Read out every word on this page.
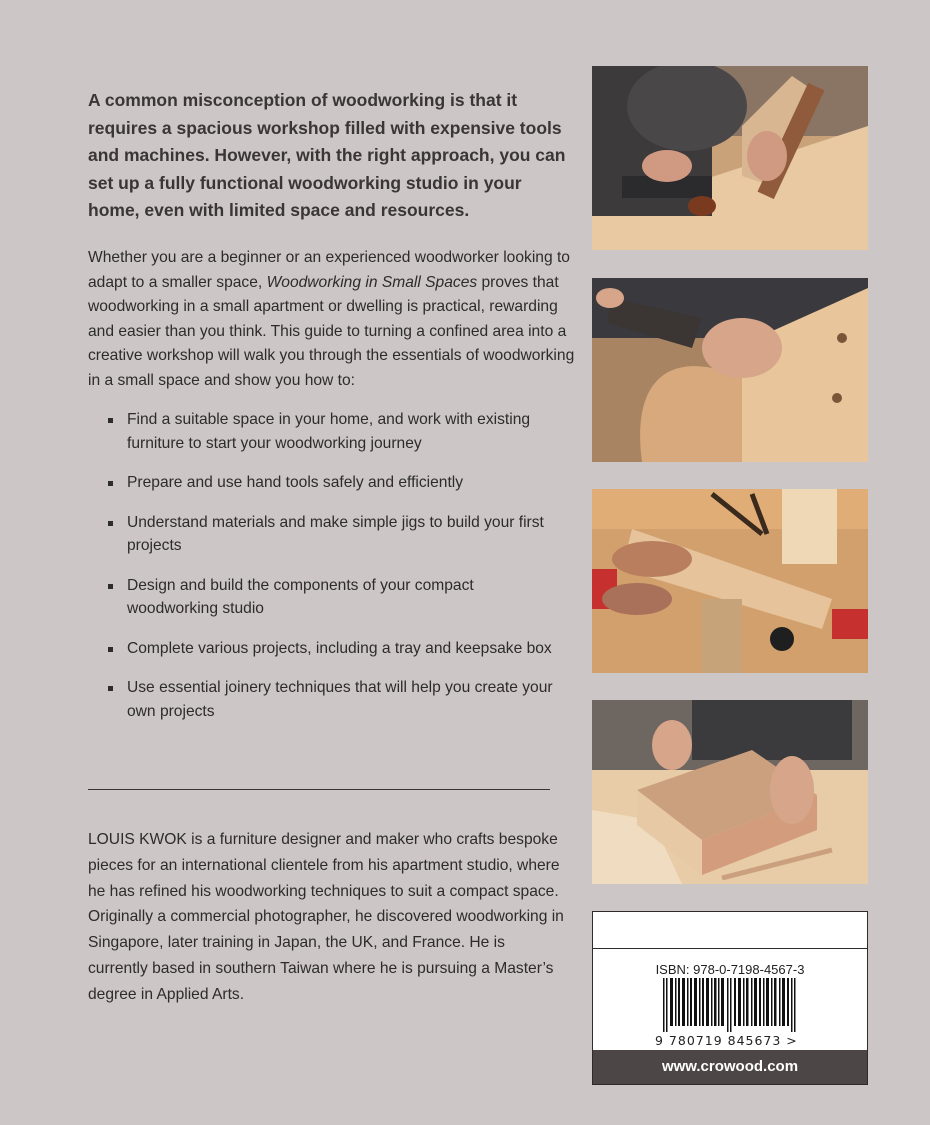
A common misconception of woodworking is that it requires a spacious workshop filled with expensive tools and machines. However, with the right approach, you can set up a fully functional woodworking studio in your home, even with limited space and resources.

Whether you are a beginner or an experienced woodworker looking to adapt to a smaller space, Woodworking in Small Spaces proves that woodworking in a small apartment or dwelling is practical, rewarding and easier than you think. This guide to turning a confined area into a creative workshop will walk you through the essentials of woodworking in a small space and show you how to:

Find a suitable space in your home, and work with existing furniture to start your woodworking journey
Prepare and use hand tools safely and efficiently
Understand materials and make simple jigs to build your first projects
Design and build the components of your compact woodworking studio
Complete various projects, including a tray and keepsake box
Use essential joinery techniques that will help you create your own projects

LOUIS KWOK is a furniture designer and maker who crafts bespoke pieces for an international clientele from his apartment studio, where he has refined his woodworking techniques to suit a compact space. Originally a commercial photographer, he discovered woodworking in Singapore, later training in Japan, the UK, and France. He is currently based in southern Taiwan where he is pursuing a Master’s degree in Applied Arts.

ISBN: 978-0-7198-4567-3
9 780719 845673 >
www.crowood.com
